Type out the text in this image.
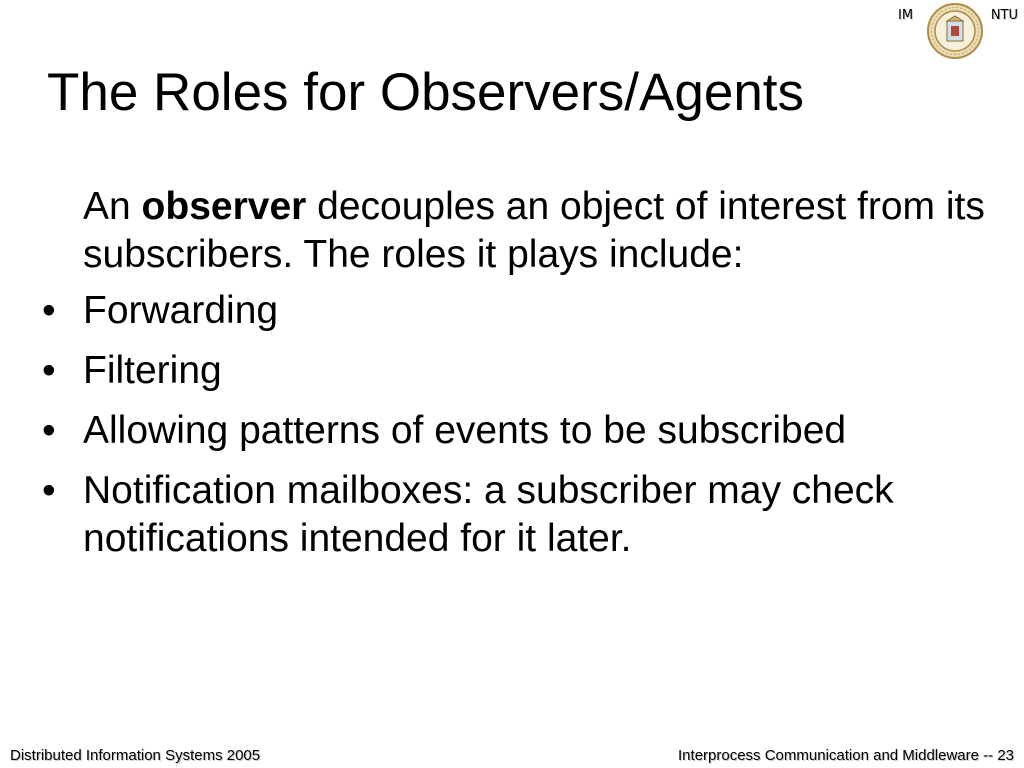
IM	NTU
The Roles for Observers/Agents

An observer decouples an object of interest from its subscribers. The roles it plays include:

• Forwarding
• Filtering
• Allowing patterns of events to be subscribed
• Notification mailboxes: a subscriber may check notifications intended for it later.
Distributed Information Systems 2005	Interprocess Communication and Middleware -- 23
